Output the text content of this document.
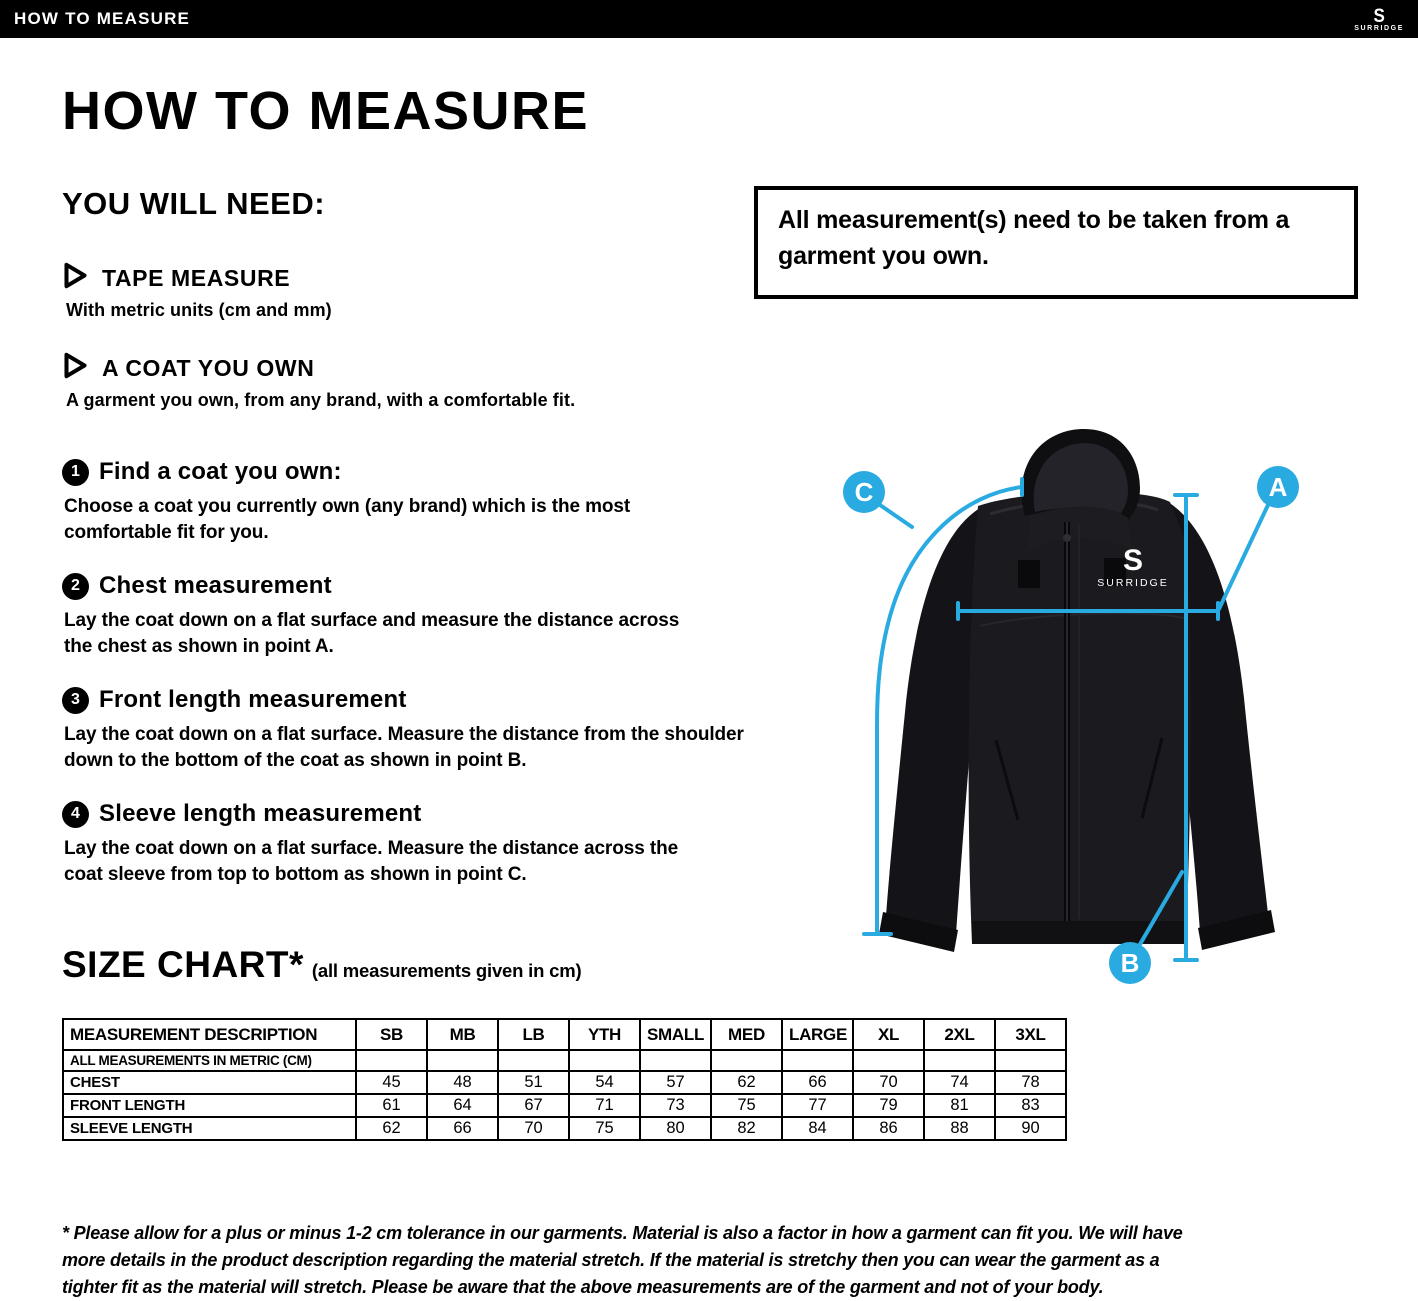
HOW TO MEASURE	S
SURRIDGE
HOW TO MEASURE
YOU WILL NEED:
TAPE MEASURE
With metric units (cm and mm)
A COAT YOU OWN
A garment you own, from any brand, with a comfortable fit.
All measurement(s) need to be taken from a
garment you own.
1 Find a coat you own:
Choose a coat you currently own (any brand) which is the most
comfortable fit for you.
2 Chest measurement
Lay the coat down on a flat surface and measure the distance across
the chest as shown in point A.
3 Front length measurement
Lay the coat down on a flat surface. Measure the distance from the shoulder
down to the bottom of the coat as shown in point B.
4 Sleeve length measurement
Lay the coat down on a flat surface. Measure the distance across the
coat sleeve from top to bottom as shown in point C.
S
SURRIDGE
A
B
C
SIZE CHART* (all measurements given in cm)
MEASUREMENT DESCRIPTION	SB	MB	LB	YTH	SMALL	MED	LARGE	XL	2XL	3XL
ALL MEASUREMENTS IN METRIC (CM)										
CHEST	45	48	51	54	57	62	66	70	74	78
FRONT LENGTH	61	64	67	71	73	75	77	79	81	83
SLEEVE LENGTH	62	66	70	75	80	82	84	86	88	90

* Please allow for a plus or minus 1-2 cm tolerance in our garments. Material is also a factor in how a garment can fit you. We will have
more details in the product description regarding the material stretch. If the material is stretchy then you can wear the garment as a
tighter fit as the material will stretch. Please be aware that the above measurements are of the garment and not of your body.
